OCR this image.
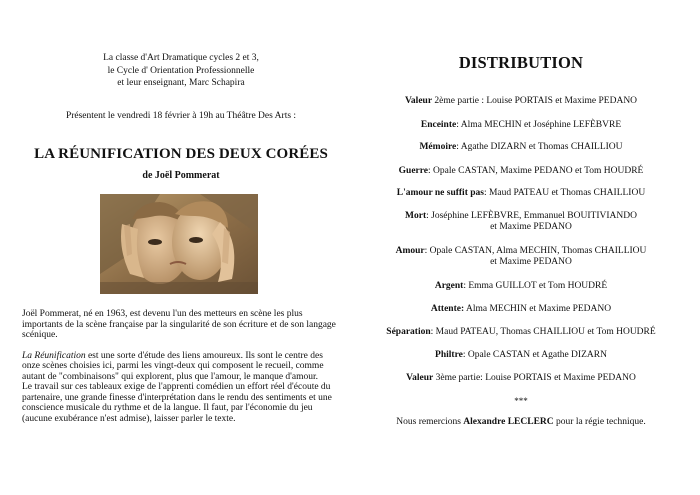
La classe d'Art Dramatique cycles 2 et 3,
le Cycle d' Orientation Professionnelle
et leur enseignant, Marc Schapira
Présentent le vendredi 18 février à 19h au Théâtre Des Arts :
LA RÉUNIFICATION DES DEUX CORÉES
de Joël Pommerat

Joël Pommerat, né en 1963, est devenu l'un des metteurs en scène les plus importants de la scène française par la singularité de son écriture et de son langage scénique.

La Réunification est une sorte d'étude des liens amoureux. Ils sont le centre des onze scènes choisies ici, parmi les vingt-deux qui composent le recueil, comme autant de "combinaisons" qui explorent, plus que l'amour, le manque d'amour.

Le travail sur ces tableaux exige de l'apprenti comédien un effort réel d'écoute du partenaire, une grande finesse d'interprétation dans le rendu des sentiments et une conscience musicale du rythme et de la langue. Il faut, par l'économie du jeu (aucune exubérance n'est admise), laisser parler le texte.

DISTRIBUTION
Valeur 2ème partie : Louise PORTAIS et Maxime PEDANO
Enceinte: Alma MECHIN et Joséphine LEFÈBVRE
Mémoire: Agathe DIZARN et Thomas CHAILLIOU
Guerre: Opale CASTAN, Maxime PEDANO et Tom HOUDRÉ
L'amour ne suffit pas: Maud PATEAU et Thomas CHAILLIOU
Mort: Joséphine LEFÈBVRE, Emmanuel BOUITIVIANDO
et Maxime PEDANO
Amour: Opale CASTAN, Alma MECHIN, Thomas CHAILLIOU
et Maxime PEDANO
Argent: Emma GUILLOT et Tom HOUDRÉ
Attente: Alma MECHIN et Maxime PEDANO
Séparation: Maud PATEAU, Thomas CHAILLIOU et Tom HOUDRÉ
Philtre: Opale CASTAN et Agathe DIZARN
Valeur 3ème partie: Louise PORTAIS et Maxime PEDANO
***
Nous remercions Alexandre LECLERC pour la régie technique.
